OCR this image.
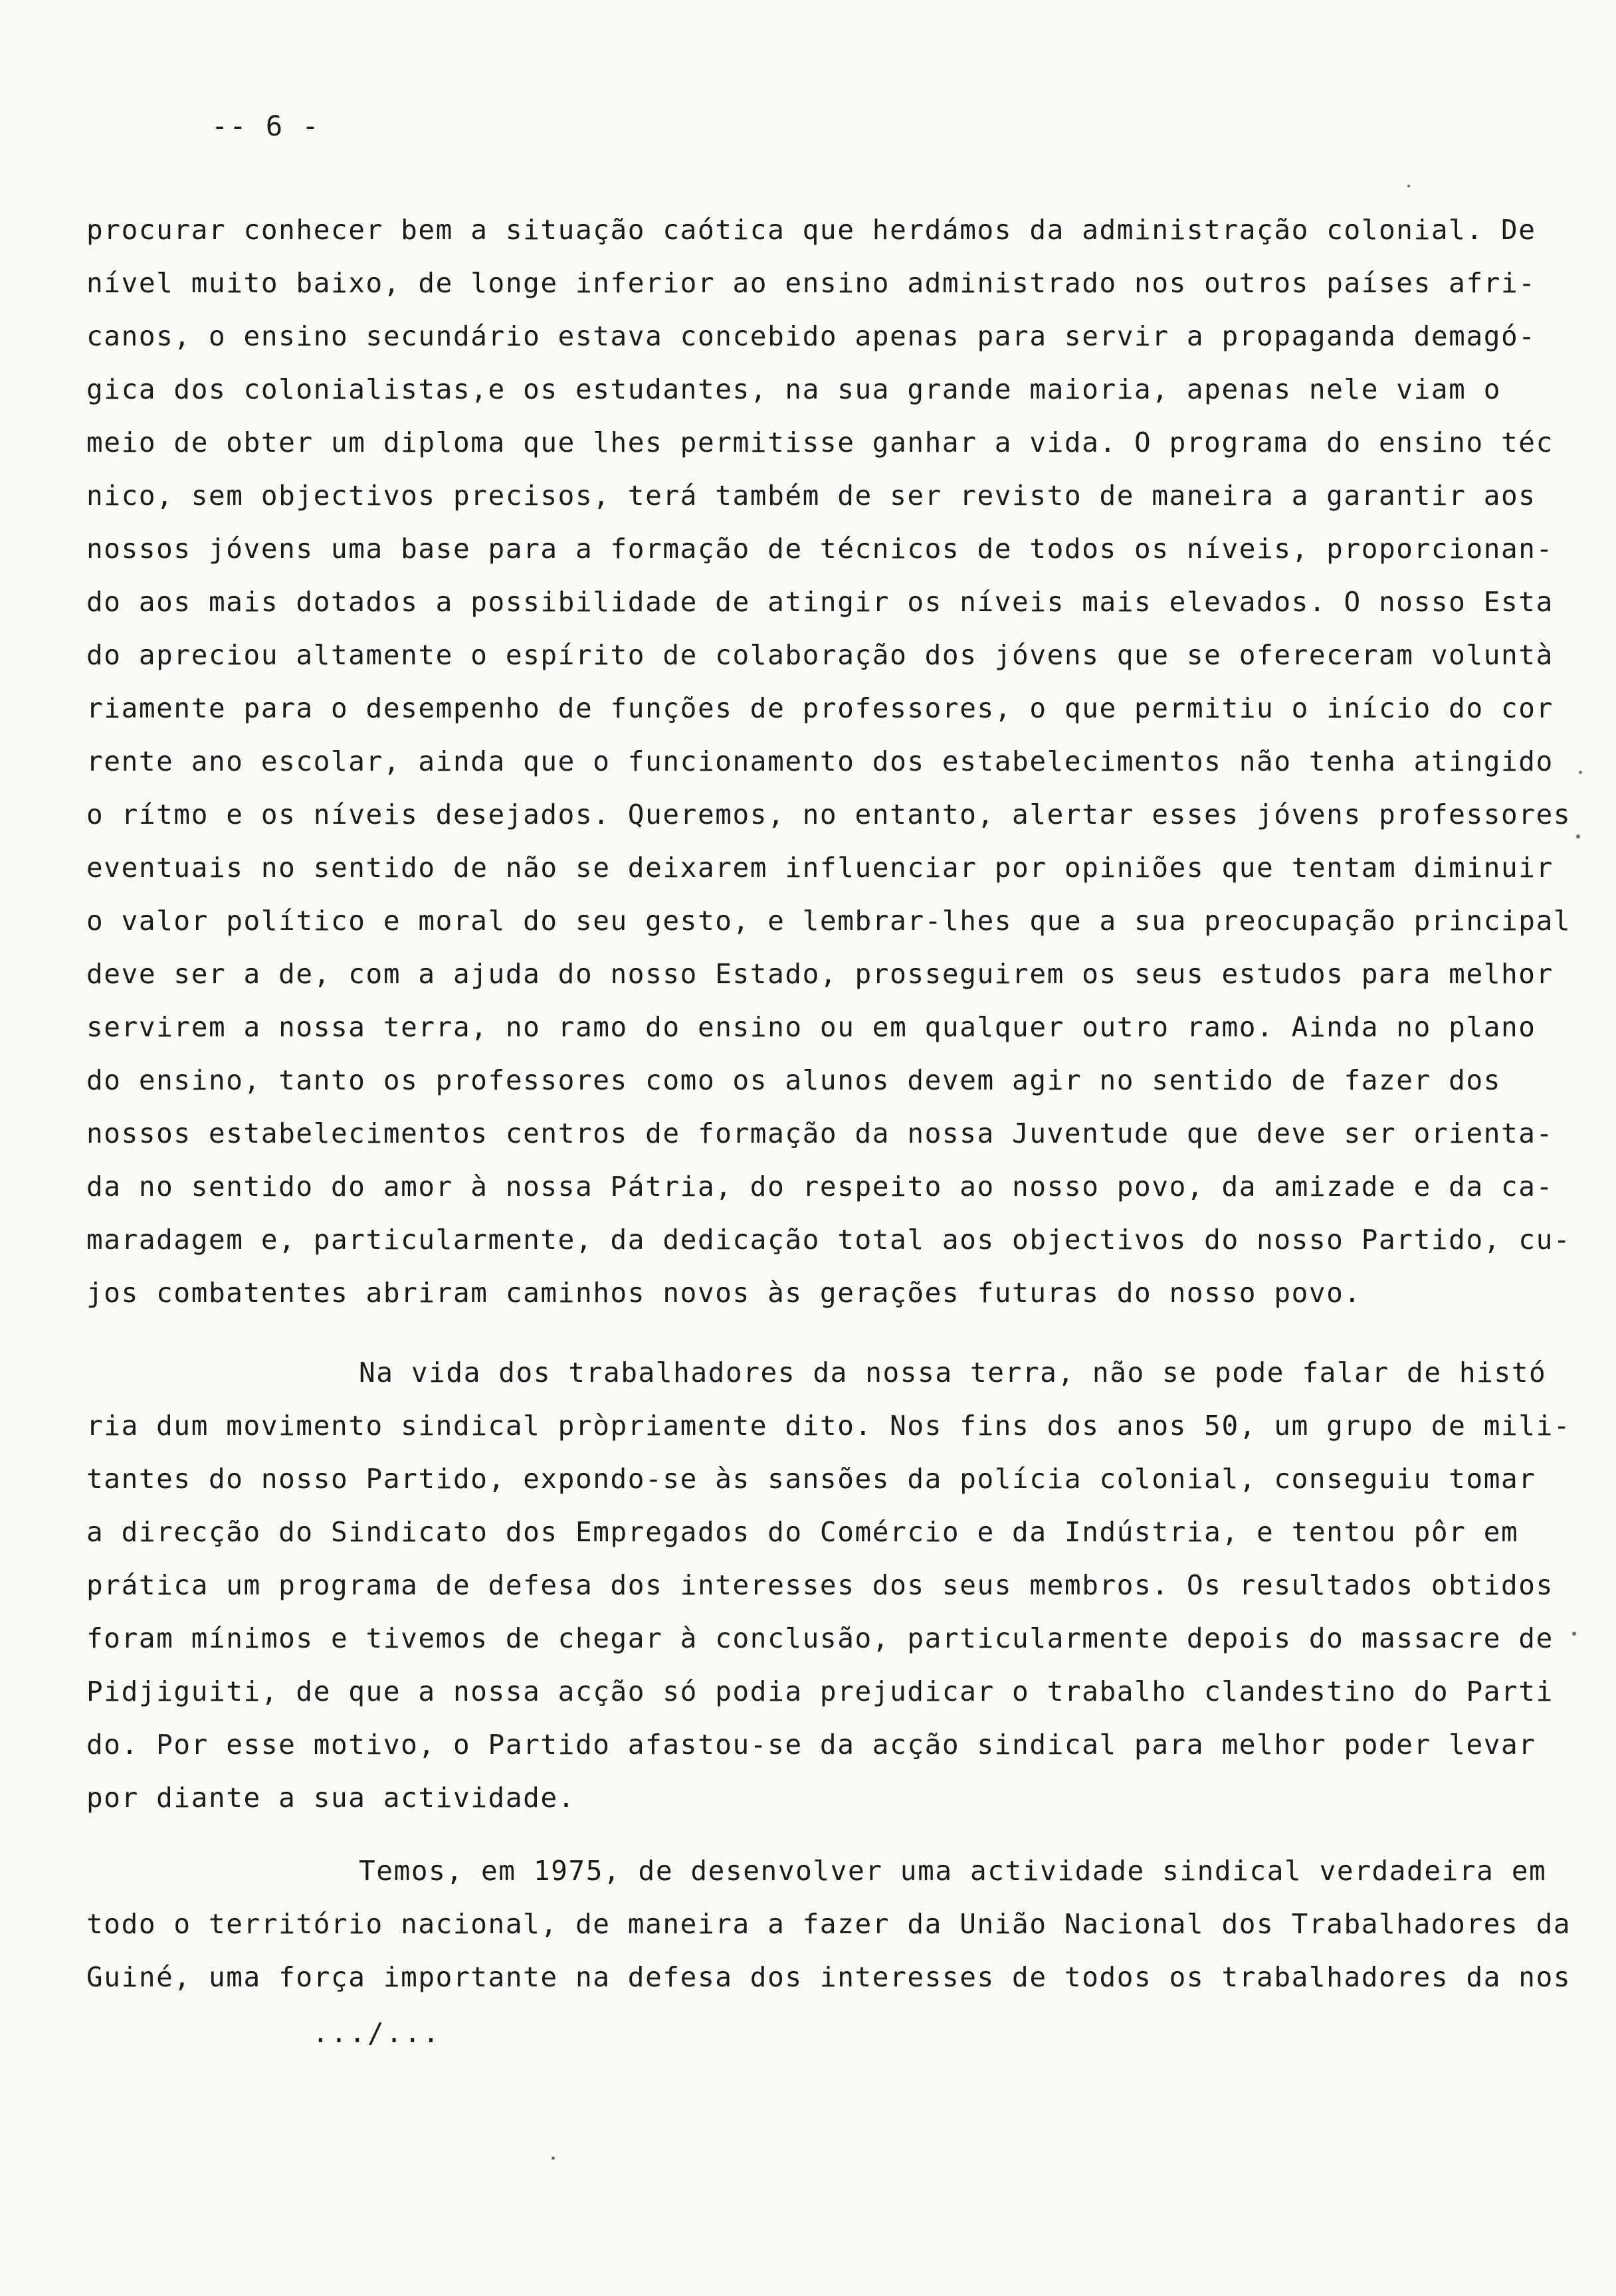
-- 6 -
procurar conhecer bem a situação caótica que herdámos da administração colonial. De
nível muito baixo, de longe inferior ao ensino administrado nos outros países afri-
canos, o ensino secundário estava concebido apenas para servir a propaganda demagó-
gica dos colonialistas,e os estudantes, na sua grande maioria, apenas nele viam o
meio de obter um diploma que lhes permitisse ganhar a vida. O programa do ensino téc
nico, sem objectivos precisos, terá também de ser revisto de maneira a garantir aos
nossos jóvens uma base para a formação de técnicos de todos os níveis, proporcionan-
do aos mais dotados a possibilidade de atingir os níveis mais elevados. O nosso Esta
do apreciou altamente o espírito de colaboração dos jóvens que se ofereceram voluntà
riamente para o desempenho de funções de professores, o que permitiu o início do cor
rente ano escolar, ainda que o funcionamento dos estabelecimentos não tenha atingido
o rítmo e os níveis desejados. Queremos, no entanto, alertar esses jóvens professores
eventuais no sentido de não se deixarem influenciar por opiniões que tentam diminuir
o valor político e moral do seu gesto, e lembrar-lhes que a sua preocupação principal
deve ser a de, com a ajuda do nosso Estado, prosseguirem os seus estudos para melhor
servirem a nossa terra, no ramo do ensino ou em qualquer outro ramo. Ainda no plano
do ensino, tanto os professores como os alunos devem agir no sentido de fazer dos
nossos estabelecimentos centros de formação da nossa Juventude que deve ser orienta-
da no sentido do amor à nossa Pátria, do respeito ao nosso povo, da amizade e da ca-
maradagem e, particularmente, da dedicação total aos objectivos do nosso Partido, cu-
jos combatentes abriram caminhos novos às gerações futuras do nosso povo.
Na vida dos trabalhadores da nossa terra, não se pode falar de histó
ria dum movimento sindical pròpriamente dito. Nos fins dos anos 50, um grupo de mili-
tantes do nosso Partido, expondo-se às sansões da polícia colonial, conseguiu tomar
a direcção do Sindicato dos Empregados do Comércio e da Indústria, e tentou pôr em
prática um programa de defesa dos interesses dos seus membros. Os resultados obtidos
foram mínimos e tivemos de chegar à conclusão, particularmente depois do massacre de
Pidjiguiti, de que a nossa acção só podia prejudicar o trabalho clandestino do Parti
do. Por esse motivo, o Partido afastou-se da acção sindical para melhor poder levar
por diante a sua actividade.
Temos, em 1975, de desenvolver uma actividade sindical verdadeira em
todo o território nacional, de maneira a fazer da União Nacional dos Trabalhadores da
Guiné, uma força importante na defesa dos interesses de todos os trabalhadores da nos
.../...
